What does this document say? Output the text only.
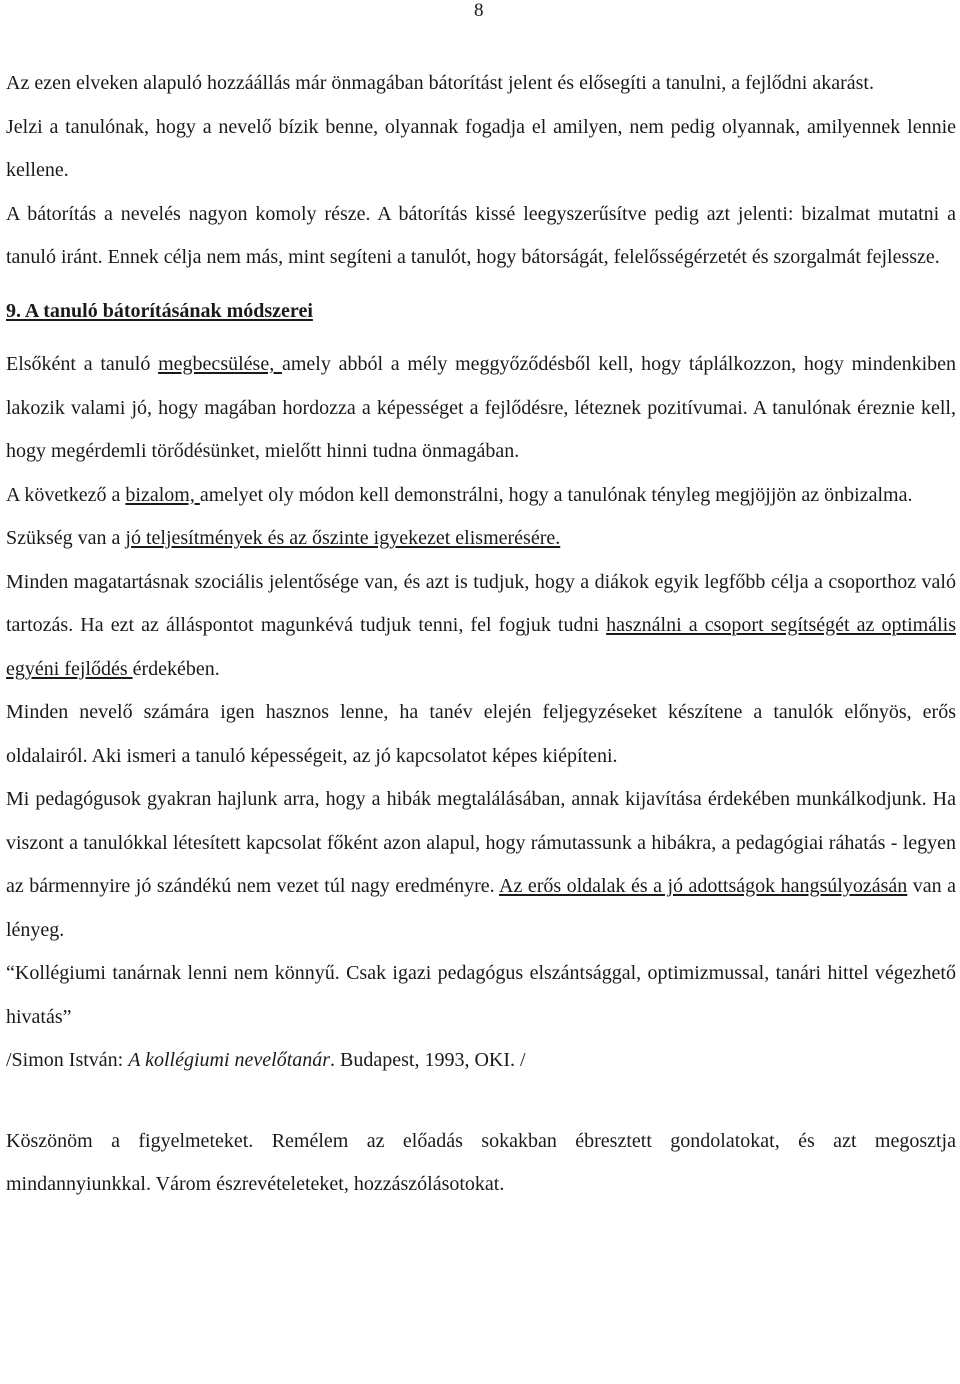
8

Az ezen elveken alapuló hozzáállás már önmagában bátorítást jelent és elősegíti a tanulni, a fejlődni akarást.

Jelzi a tanulónak, hogy a nevelő bízik benne, olyannak fogadja el amilyen, nem pedig olyannak, amilyennek lennie kellene.

A bátorítás a nevelés nagyon komoly része. A bátorítás kissé leegyszerűsítve pedig azt jelenti: bizalmat mutatni a tanuló iránt. Ennek célja nem más, mint segíteni a tanulót, hogy bátorságát, felelősségérzetét és szorgalmát fejlessze.

9. A tanuló bátorításának módszerei

Elsőként a tanuló megbecsülése, amely abból a mély meggyőződésből kell, hogy táplálkozzon, hogy mindenkiben lakozik valami jó, hogy magában hordozza a képességet a fejlődésre, léteznek pozitívumai. A tanulónak éreznie kell, hogy megérdemli törődésünket, mielőtt hinni tudna önmagában.

A következő a bizalom, amelyet oly módon kell demonstrálni, hogy a tanulónak tényleg megjöjjön az önbizalma.

Szükség van a jó teljesítmények és az őszinte igyekezet elismerésére.

Minden magatartásnak szociális jelentősége van, és azt is tudjuk, hogy a diákok egyik legfőbb célja a csoporthoz való tartozás. Ha ezt az álláspontot magunkévá tudjuk tenni, fel fogjuk tudni használni a csoport segítségét az optimális egyéni fejlődés érdekében.

Minden nevelő számára igen hasznos lenne, ha tanév elején feljegyzéseket készítene a tanulók előnyös, erős oldalairól. Aki ismeri a tanuló képességeit, az jó kapcsolatot képes kiépíteni.

Mi pedagógusok gyakran hajlunk arra, hogy a hibák megtalálásában, annak kijavítása érdekében munkálkodjunk. Ha viszont a tanulókkal létesített kapcsolat főként azon alapul, hogy rámutassunk a hibákra, a pedagógiai ráhatás - legyen az bármennyire jó szándékú nem vezet túl nagy eredményre. Az erős oldalak és a jó adottságok hangsúlyozásán van a lényeg.

“Kollégiumi tanárnak lenni nem könnyű. Csak igazi pedagógus elszántsággal, optimizmussal, tanári hittel végezhető hivatás”

/Simon István: A kollégiumi nevelőtanár. Budapest, 1993, OKI. /

Köszönöm a figyelmeteket. Remélem az előadás sokakban ébresztett gondolatokat, és azt megosztja mindannyiunkkal. Várom észrevételeteket, hozzászólásotokat.
